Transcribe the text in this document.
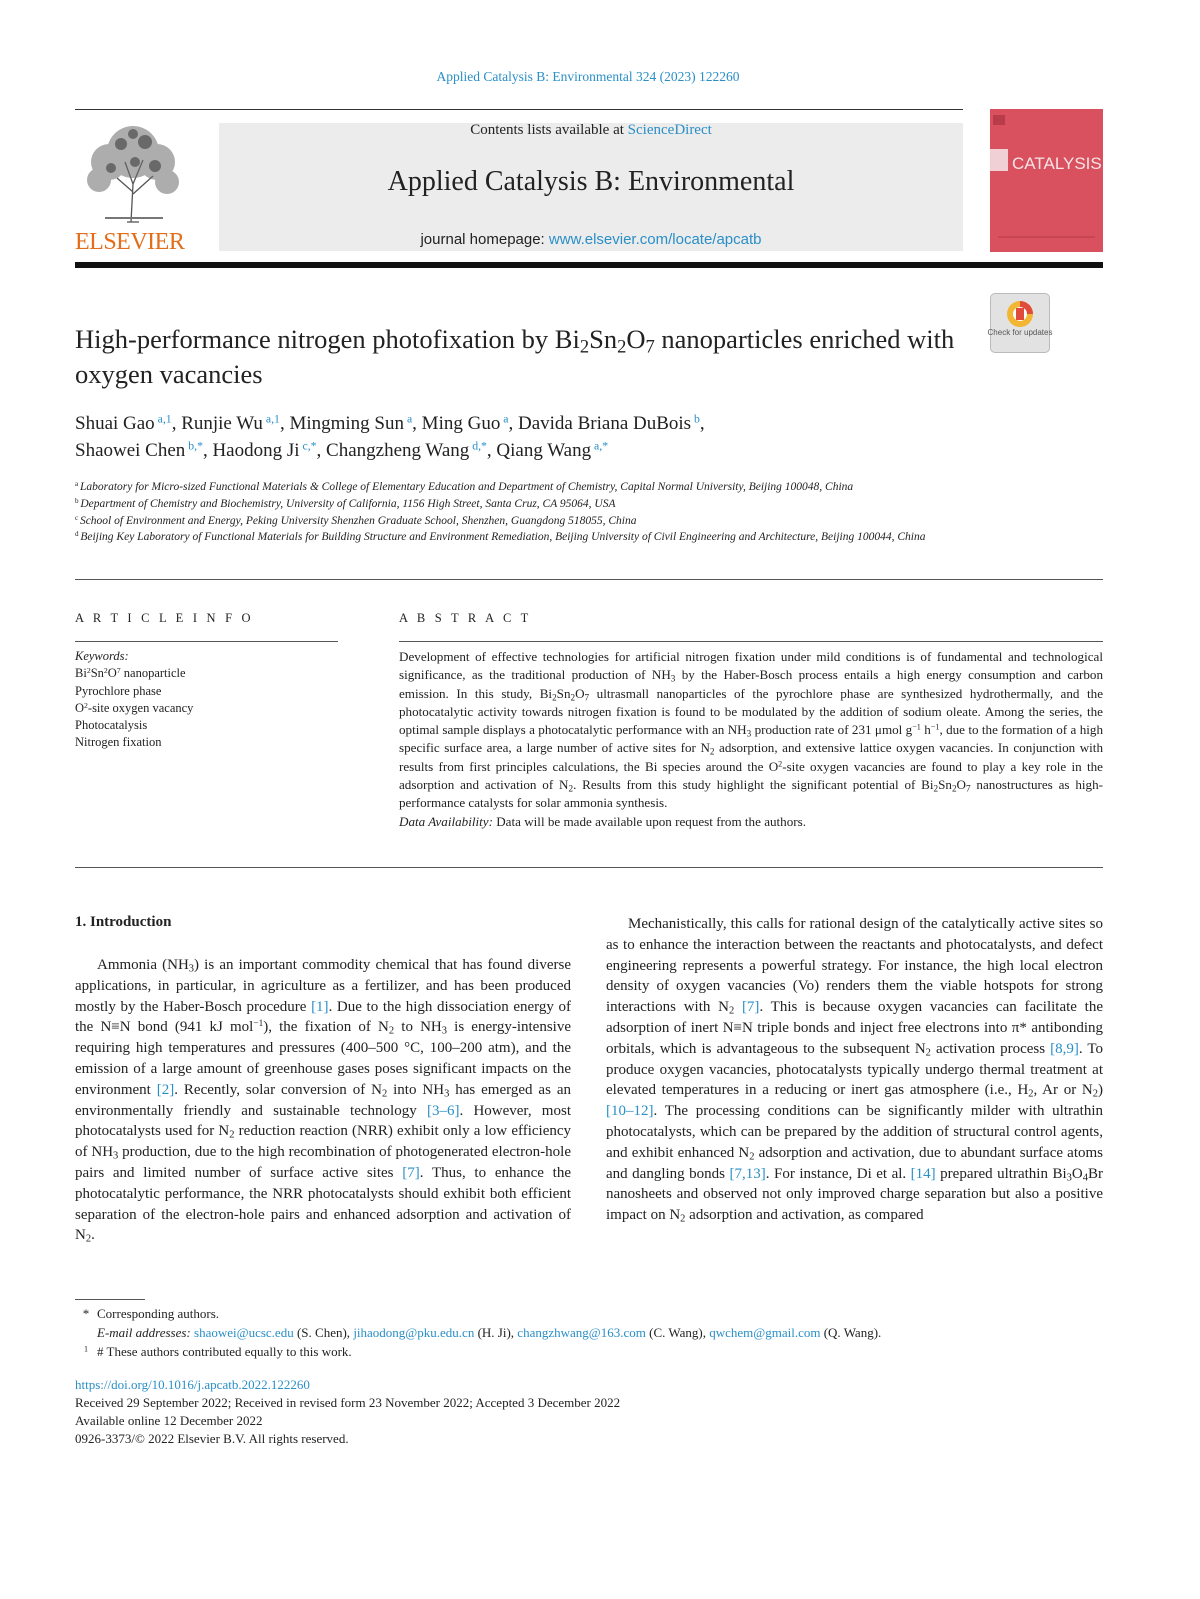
Applied Catalysis B: Environmental 324 (2023) 122260
ELSEVIER
Contents lists available at ScienceDirect
Applied Catalysis B: Environmental
journal homepage: www.elsevier.com/locate/apcatb
CATALYSIS
High-performance nitrogen photofixation by $Bi_2Sn_2O_7$ nanoparticles enriched with oxygen vacancies
Check for updates
Shuai Gao $^{a,1}$, Runjie Wu $^{a,1}$, Mingming Sun $^a$, Ming Guo $^a$, Davida Briana DuBois $^b$,
Shaowei Chen $^{b,*}$, Haodong Ji $^{c,*}$, Changzheng Wang $^{d,*}$, Qiang Wang $^{a,*}$
$^a$ Laboratory for Micro-sized Functional Materials & College of Elementary Education and Department of Chemistry, Capital Normal University, Beijing 100048, China
$^b$ Department of Chemistry and Biochemistry, University of California, 1156 High Street, Santa Cruz, CA 95064, USA
$^c$ School of Environment and Energy, Peking University Shenzhen Graduate School, Shenzhen, Guangdong 518055, China
$^d$ Beijing Key Laboratory of Functional Materials for Building Structure and Environment Remediation, Beijing University of Civil Engineering and Architecture, Beijing 100044, China
A R T I C L E I N F O	A B S T R A C T
Keywords:
$Bi^2Sn^2O^7$ nanoparticle
Pyrochlore phase
$O^2$-site oxygen vacancy
Photocatalysis
Nitrogen fixation
Development of effective technologies for artificial nitrogen fixation under mild conditions is of fundamental and technological significance, as the traditional production of $NH_3$ by the Haber-Bosch process entails a high energy consumption and carbon emission. In this study, $Bi_2Sn_2O_7$ ultrasmall nanoparticles of the pyrochlore phase are synthesized hydrothermally, and the photocatalytic activity towards nitrogen fixation is found to be modulated by the addition of sodium oleate. Among the series, the optimal sample displays a photocatalytic performance with an $NH_3$ production rate of 231 μmol $g^{-1}$ $h^{-1}$, due to the formation of a high specific surface area, a large number of active sites for $N_2$ adsorption, and extensive lattice oxygen vacancies. In conjunction with results from first principles calculations, the Bi species around the $O^2$-site oxygen vacancies are found to play a key role in the adsorption and activation of $N_2$. Results from this study highlight the significant potential of $Bi_2Sn_2O_7$ nanostructures as high-performance catalysts for solar ammonia synthesis.
Data Availability: Data will be made available upon request from the authors.
1. Introduction
Ammonia $(NH_3)$ is an important commodity chemical that has found diverse applications, in particular, in agriculture as a fertilizer, and has been produced mostly by the Haber-Bosch procedure [1]. Due to the high dissociation energy of the N≡N bond (941 kJ mol$^{-1}$), the fixation of $N_2$ to $NH_3$ is energy-intensive requiring high temperatures and pressures (400–500 °C, 100–200 atm), and the emission of a large amount of greenhouse gases poses significant impacts on the environment [2]. Recently, solar conversion of $N_2$ into $NH_3$ has emerged as an environmentally friendly and sustainable technology [3–6]. However, most photocatalysts used for $N_2$ reduction reaction (NRR) exhibit only a low efficiency of $NH_3$ production, due to the high recombination of photogenerated electron-hole pairs and limited number of surface active sites [7]. Thus, to enhance the photocatalytic performance, the NRR photocatalysts should exhibit both efficient separation of the electron-hole pairs and enhanced adsorption and activation of $N_2$.
Mechanistically, this calls for rational design of the catalytically active sites so as to enhance the interaction between the reactants and photocatalysts, and defect engineering represents a powerful strategy. For instance, the high local electron density of oxygen vacancies (Vo) renders them the viable hotspots for strong interactions with $N_2$ [7]. This is because oxygen vacancies can facilitate the adsorption of inert N≡N triple bonds and inject free electrons into π* antibonding orbitals, which is advantageous to the subsequent $N_2$ activation process [8,9]. To produce oxygen vacancies, photocatalysts typically undergo thermal treatment at elevated temperatures in a reducing or inert gas atmosphere (i.e., $H_2$, Ar or $N_2$) [10–12]. The processing conditions can be significantly milder with ultrathin photocatalysts, which can be prepared by the addition of structural control agents, and exhibit enhanced $N_2$ adsorption and activation, due to abundant surface atoms and dangling bonds [7,13]. For instance, Di et al. [14] prepared ultrathin $Bi_3O_4Br$ nanosheets and observed not only improved charge separation but also a positive impact on $N_2$ adsorption and activation, as compared
* Corresponding authors.
E-mail addresses: shaowei@ucsc.edu (S. Chen), jihaodong@pku.edu.cn (H. Ji), changzhwang@163.com (C. Wang), qwchem@gmail.com (Q. Wang).
$^1$ # These authors contributed equally to this work.
https://doi.org/10.1016/j.apcatb.2022.122260
Received 29 September 2022; Received in revised form 23 November 2022; Accepted 3 December 2022
Available online 12 December 2022
0926-3373/© 2022 Elsevier B.V. All rights reserved.
